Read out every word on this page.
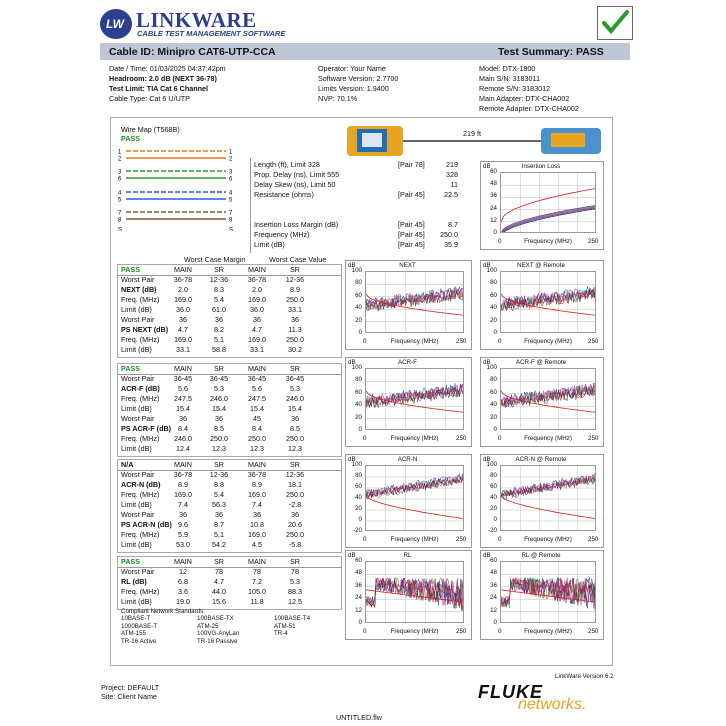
LW LINKWARE
CABLE TEST MANAGEMENT SOFTWARE
Cable ID: Minipro CAT6-UTP-CCA	Test Summary: PASS
Date / Time: 01/03/2025 04:37:42pm
Headroom: 2.0 dB (NEXT 36-78)
Test Limit: TIA Cat 6 Channel
Cable Type: Cat 6 U/UTP
Operator: Your Name
Software Version: 2.7700
Limits Version: 1.9400
NVP: 70.1%
Model: DTX-1800
Main S/N: 3183011
Remote S/N: 3183012
Main Adapter: DTX-CHA002
Remote Adapter: DTX-CHA002
Wire Map (T568B)
PASS
1	1
2	2
3	3
6	6
4	4
5	5
7	7
8	8
S	S
219 ft
Length (ft), Limit 328	[Pair 78]	219
Prop. Delay (ns), Limit 555	328
Delay Skew (ns), Limit 50	11
Resistance (ohms)	[Pair 45]	22.5
Insertion Loss Margin (dB)	[Pair 45]	8.7
Frequency (MHz)	[Pair 45]	250.0
Limit (dB)	[Pair 45]	35.9
Worst Case Margin	Worst Case Value
PASS	MAIN	SR	MAIN	SR
Worst Pair	36-78	12-36	36-78	12-36
NEXT (dB)	2.0	8.3	2.0	8.9
Freq. (MHz)	169.0	5.4	169.0	250.0
Limit (dB)	36.0	61.0	36.0	33.1
Worst Pair	36	36	36	36
PS NEXT (dB)	4.7	8.2	4.7	11.3
Freq. (MHz)	169.0	5.1	169.0	250.0
Limit (dB)	33.1	58.8	33.1	30.2
PASS	MAIN	SR	MAIN	SR
Worst Pair	36-45	36-45	36-45	36-45
ACR-F (dB)	5.6	5.3	5.6	5.3
Freq. (MHz)	247.5	246.0	247.5	246.0
Limit (dB)	15.4	15.4	15.4	15.4
Worst Pair	36	36	45	36
PS ACR-F (dB) 8.4	8.5	8.4	8.5
Freq. (MHz)	246.0	250.0	250.0	250.0
Limit (dB)	12.4	12.3	12.3	12.3
N/A	MAIN	SR	MAIN	SR
Worst Pair	36-78	12-36	36-78	12-36
ACR-N (dB)	8.9	8.8	8.9	18.1
Freq. (MHz)	169.0	5.4	169.0	250.0
Limit (dB)	7.4	56.3	7.4	-2.8
Worst Pair	36	36	36	36
PS ACR-N (dB) 9.6	8.7	10.8	20.6
Freq. (MHz)	5.9	5.1	169.0	250.0
Limit (dB)	53.0	54.2	4.5	-5.8
PASS	MAIN	SR	MAIN	SR
Worst Pair	12	78	78	78
RL (dB)	6.8	4.7	7.2	5.3
Freq. (MHz)	3.6	44.0	105.0	88.3
Limit (dB)	19.0	15.6	11.8	12.5
Compliant Network Standards:
10BASE-T	100BASE-TX	100BASE-T4
1000BASE-T	ATM-25	ATM-51
ATM-155	100VG-AnyLan	TR-4
TR-16 Active	TR-16 Passive
Insertion Loss
dB
Frequency (MHz)
0	250
60
48
36
24
12
0
NEXT
dB
Frequency (MHz)
0	250
100
80
60
40
20
0
NEXT @ Remote
dB
Frequency (MHz)
0	250
100
80
60
40
20
0
ACR-F
dB
Frequency (MHz)
0	250
100
80
60
40
20
0
ACR-F @ Remote
dB
Frequency (MHz)
0	250
100
80
60
40
20
0
ACR-N
dB
Frequency (MHz)
0	250
100
80
60
40
20
0
-20
ACR-N @ Remote
dB
Frequency (MHz)
0	250
100
80
60
40
20
0
-20
RL
dB
Frequency (MHz)
0	250
60
48
36
24
12
0
RL @ Remote
dB
Frequency (MHz)
0	250
60
48
36
24
12
0
LinkWare Version 6.2
Project: DEFAULT
Site: Client Name
UNTITLED.flw
FLUKE
networks.
